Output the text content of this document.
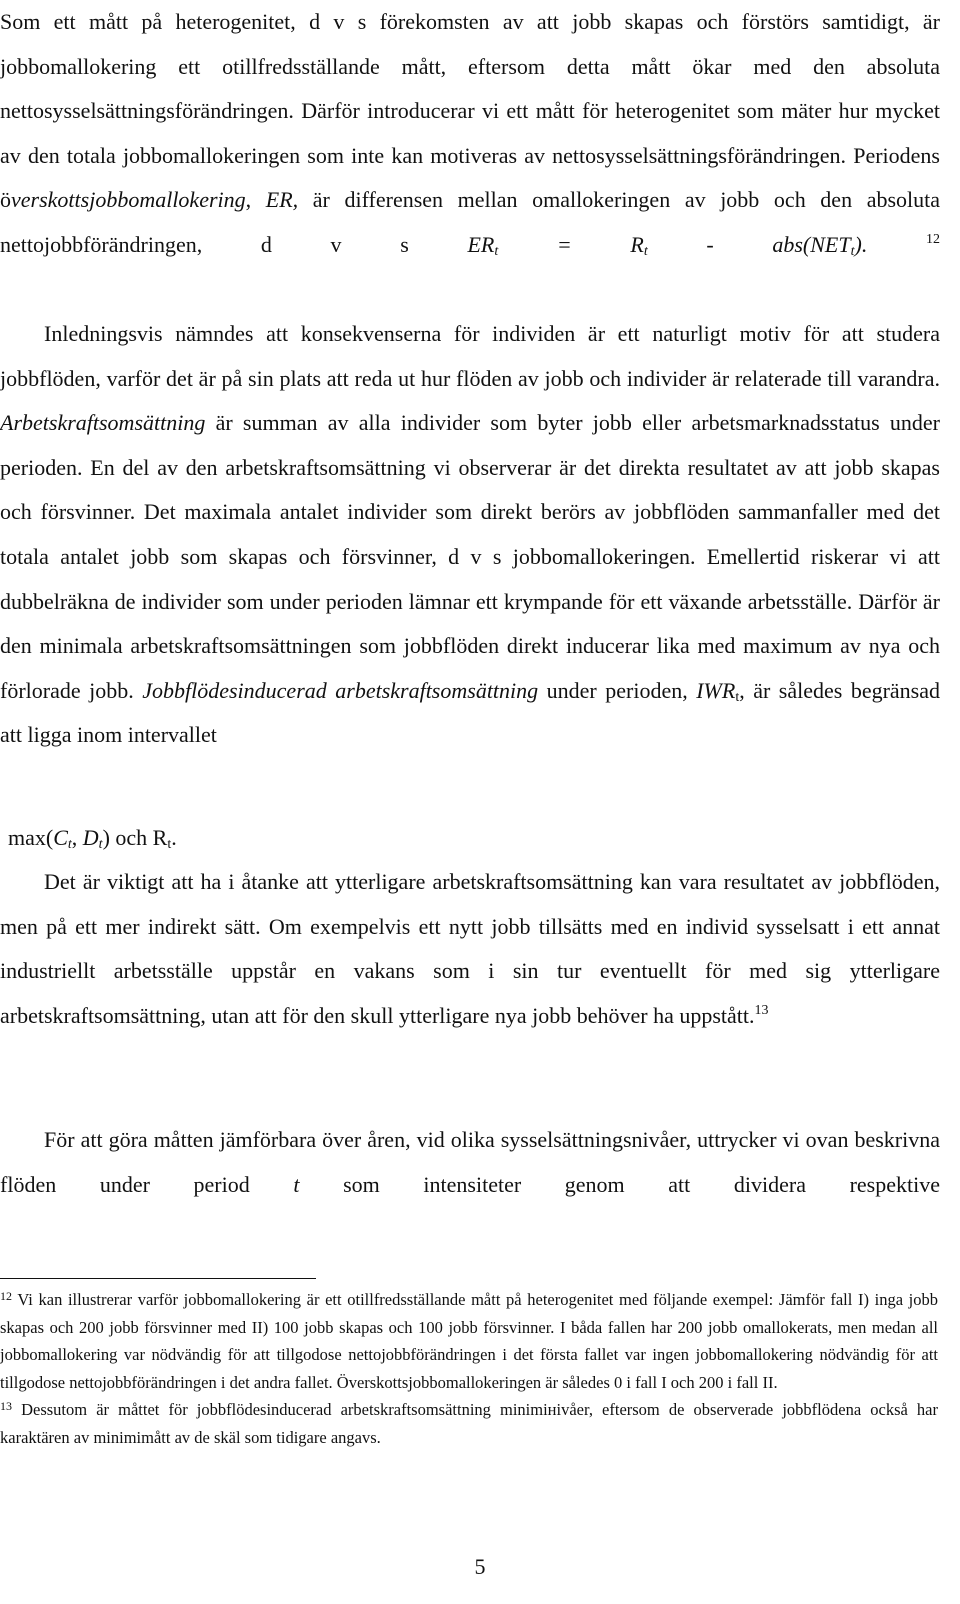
Som ett mått på heterogenitet, d v s förekomsten av att jobb skapas och förstörs samtidigt, är jobbomallokering ett otillfredsställande mått, eftersom detta mått ökar med den absoluta nettosysselsättningsförändringen. Därför introducerar vi ett mått för heterogenitet som mäter hur mycket av den totala jobbomallokeringen som inte kan motiveras av nettosysselsättningsförändringen. Periodens överskottsjobbomallokering, ER, är differensen mellan omallokeringen av jobb och den absoluta nettojobbförändringen, d v s $ER_t = R_t - abs(NET_t)$.	$^{12}$

Inledningsvis nämndes att konsekvenserna för individen är ett naturligt motiv för att studera jobbflöden, varför det är på sin plats att reda ut hur flöden av jobb och individer är relaterade till varandra. Arbetskraftsomsättning är summan av alla individer som byter jobb eller arbetsmarknadsstatus under perioden. En del av den arbetskraftsomsättning vi observerar är det direkta resultatet av att jobb skapas och försvinner. Det maximala antalet individer som direkt berörs av jobbflöden sammanfaller med det totala antalet jobb som skapas och försvinner, d v s jobbomallokeringen. Emellertid riskerar vi att dubbelräkna de individer som under perioden lämnar ett krympande för ett växande arbetsställe. Därför är den minimala arbetskraftsomsättningen som jobbflöden direkt inducerar lika med maximum av nya och förlorade jobb. Jobbflödesinducerad arbetskraftsomsättning under perioden, $IWR_t$, är således begränsad att ligga inom intervallet

$\max(C_t$, $D_t$) och $R_t$.

Det är viktigt att ha i åtanke att ytterligare arbetskraftsomsättning kan vara resultatet av jobbflöden, men på ett mer indirekt sätt. Om exempelvis ett nytt jobb tillsätts med en individ sysselsatt i ett annat industriellt arbetsställe uppstår en vakans som i sin tur eventuellt för med sig ytterligare arbetskraftsomsättning, utan att för den skull ytterligare nya jobb behöver ha uppstått.$^{13}$

För att göra måtten jämförbara över åren, vid olika sysselsättningsnivåer, uttrycker vi ovan beskrivna flöden under period t som intensiteter genom att dividera respektive

$^{12}$ Vi kan illustrerar varför jobbomallokering är ett otillfredsställande mått på heterogenitet med följande exempel: Jämför fall I) inga jobb skapas och 200 jobb försvinner med II) 100 jobb skapas och 100 jobb försvinner. I båda fallen har 200 jobb omallokerats, men medan all jobbomallokering var nödvändig för att tillgodose nettojobbförändringen i det första fallet var ingen jobbomallokering nödvändig för att tillgodose nettojobbförändringen i det andra fallet. Överskottsjobbomallokeringen är således 0 i fall I och 200 i fall II.
$^{13}$ Dessutom är måttet för jobbflödesinducerad arbetskraftsomsättning minimінivåer, eftersom de observerade jobbflödena också har karaktären av minimimått av de skäl som tidigare angavs.
5
